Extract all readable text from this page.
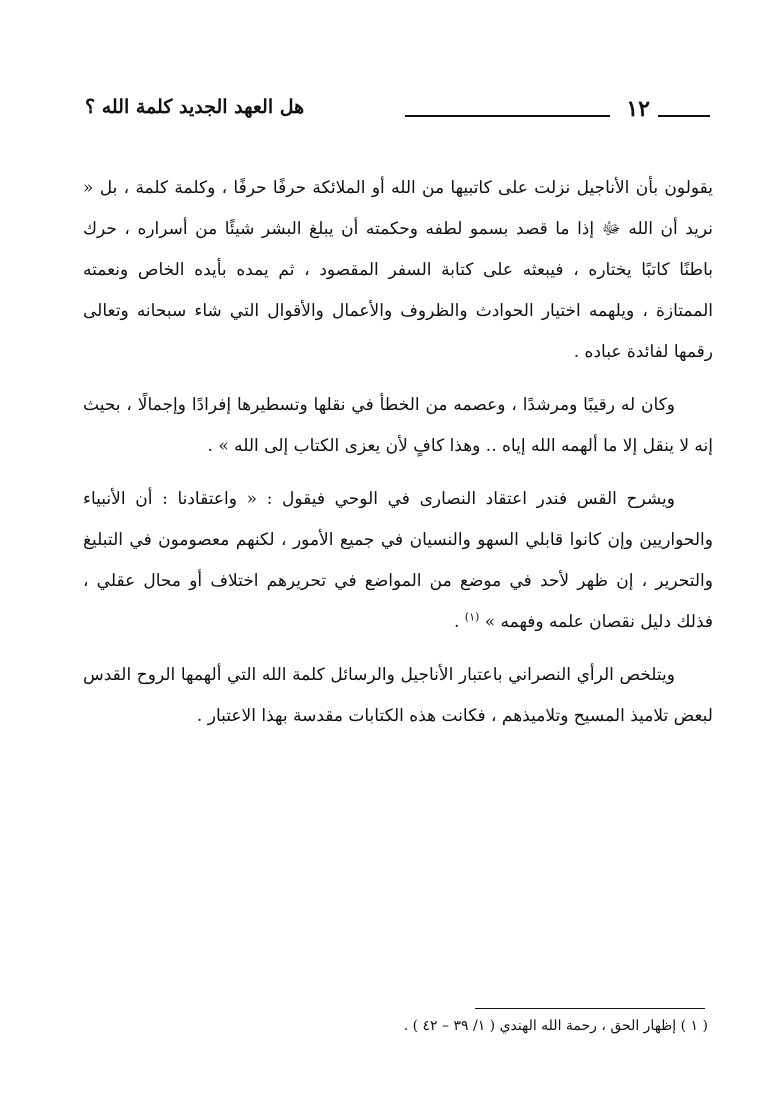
١٢
هل العهد الجديد كلمة الله ؟

يقولون بأن الأناجيل نزلت على كاتبيها من الله أو الملائكة حرفًا حرفًا ، وكلمة كلمة ، بل « نريد أن الله ﷻ إذا ما قصد بسمو لطفه وحكمته أن يبلغ البشر شيئًا من أسراره ، حرك باطنًا كاتبًا يختاره ، فيبعثه على كتابة السفر المقصود ، ثم يمده بأيده الخاص ونعمته الممتازة ، ويلهمه اختيار الحوادث والظروف والأعمال والأقوال التي شاء سبحانه وتعالى رقمها لفائدة عباده .

وكان له رقيبًا ومرشدًا ، وعصمه من الخطأ في نقلها وتسطيرها إفرادًا وإجمالًا ، بحيث إنه لا ينقل إلا ما ألهمه الله إياه .. وهذا كافٍ لأن يعزى الكتاب إلى الله » .

ويشرح القس فندر اعتقاد النصارى في الوحي فيقول : « واعتقادنا : أن الأنبياء والحواريين وإن كانوا قابلي السهو والنسيان في جميع الأمور ، لكنهم معصومون في التبليغ والتحرير ، إن ظهر لأحد في موضع من المواضع في تحريرهم اختلاف أو محال عقلي ، فذلك دليل نقصان علمه وفهمه » $^{(١)}$ .

ويتلخص الرأي النصراني باعتبار الأناجيل والرسائل كلمة الله التي ألهمها الروح القدس لبعض تلاميذ المسيح وتلاميذهم ، فكانت هذه الكتابات مقدسة بهذا الاعتبار .

( ١ ) إظهار الحق ، رحمة الله الهندي ( ١/ ٣٩ – ٤٢ ) .
